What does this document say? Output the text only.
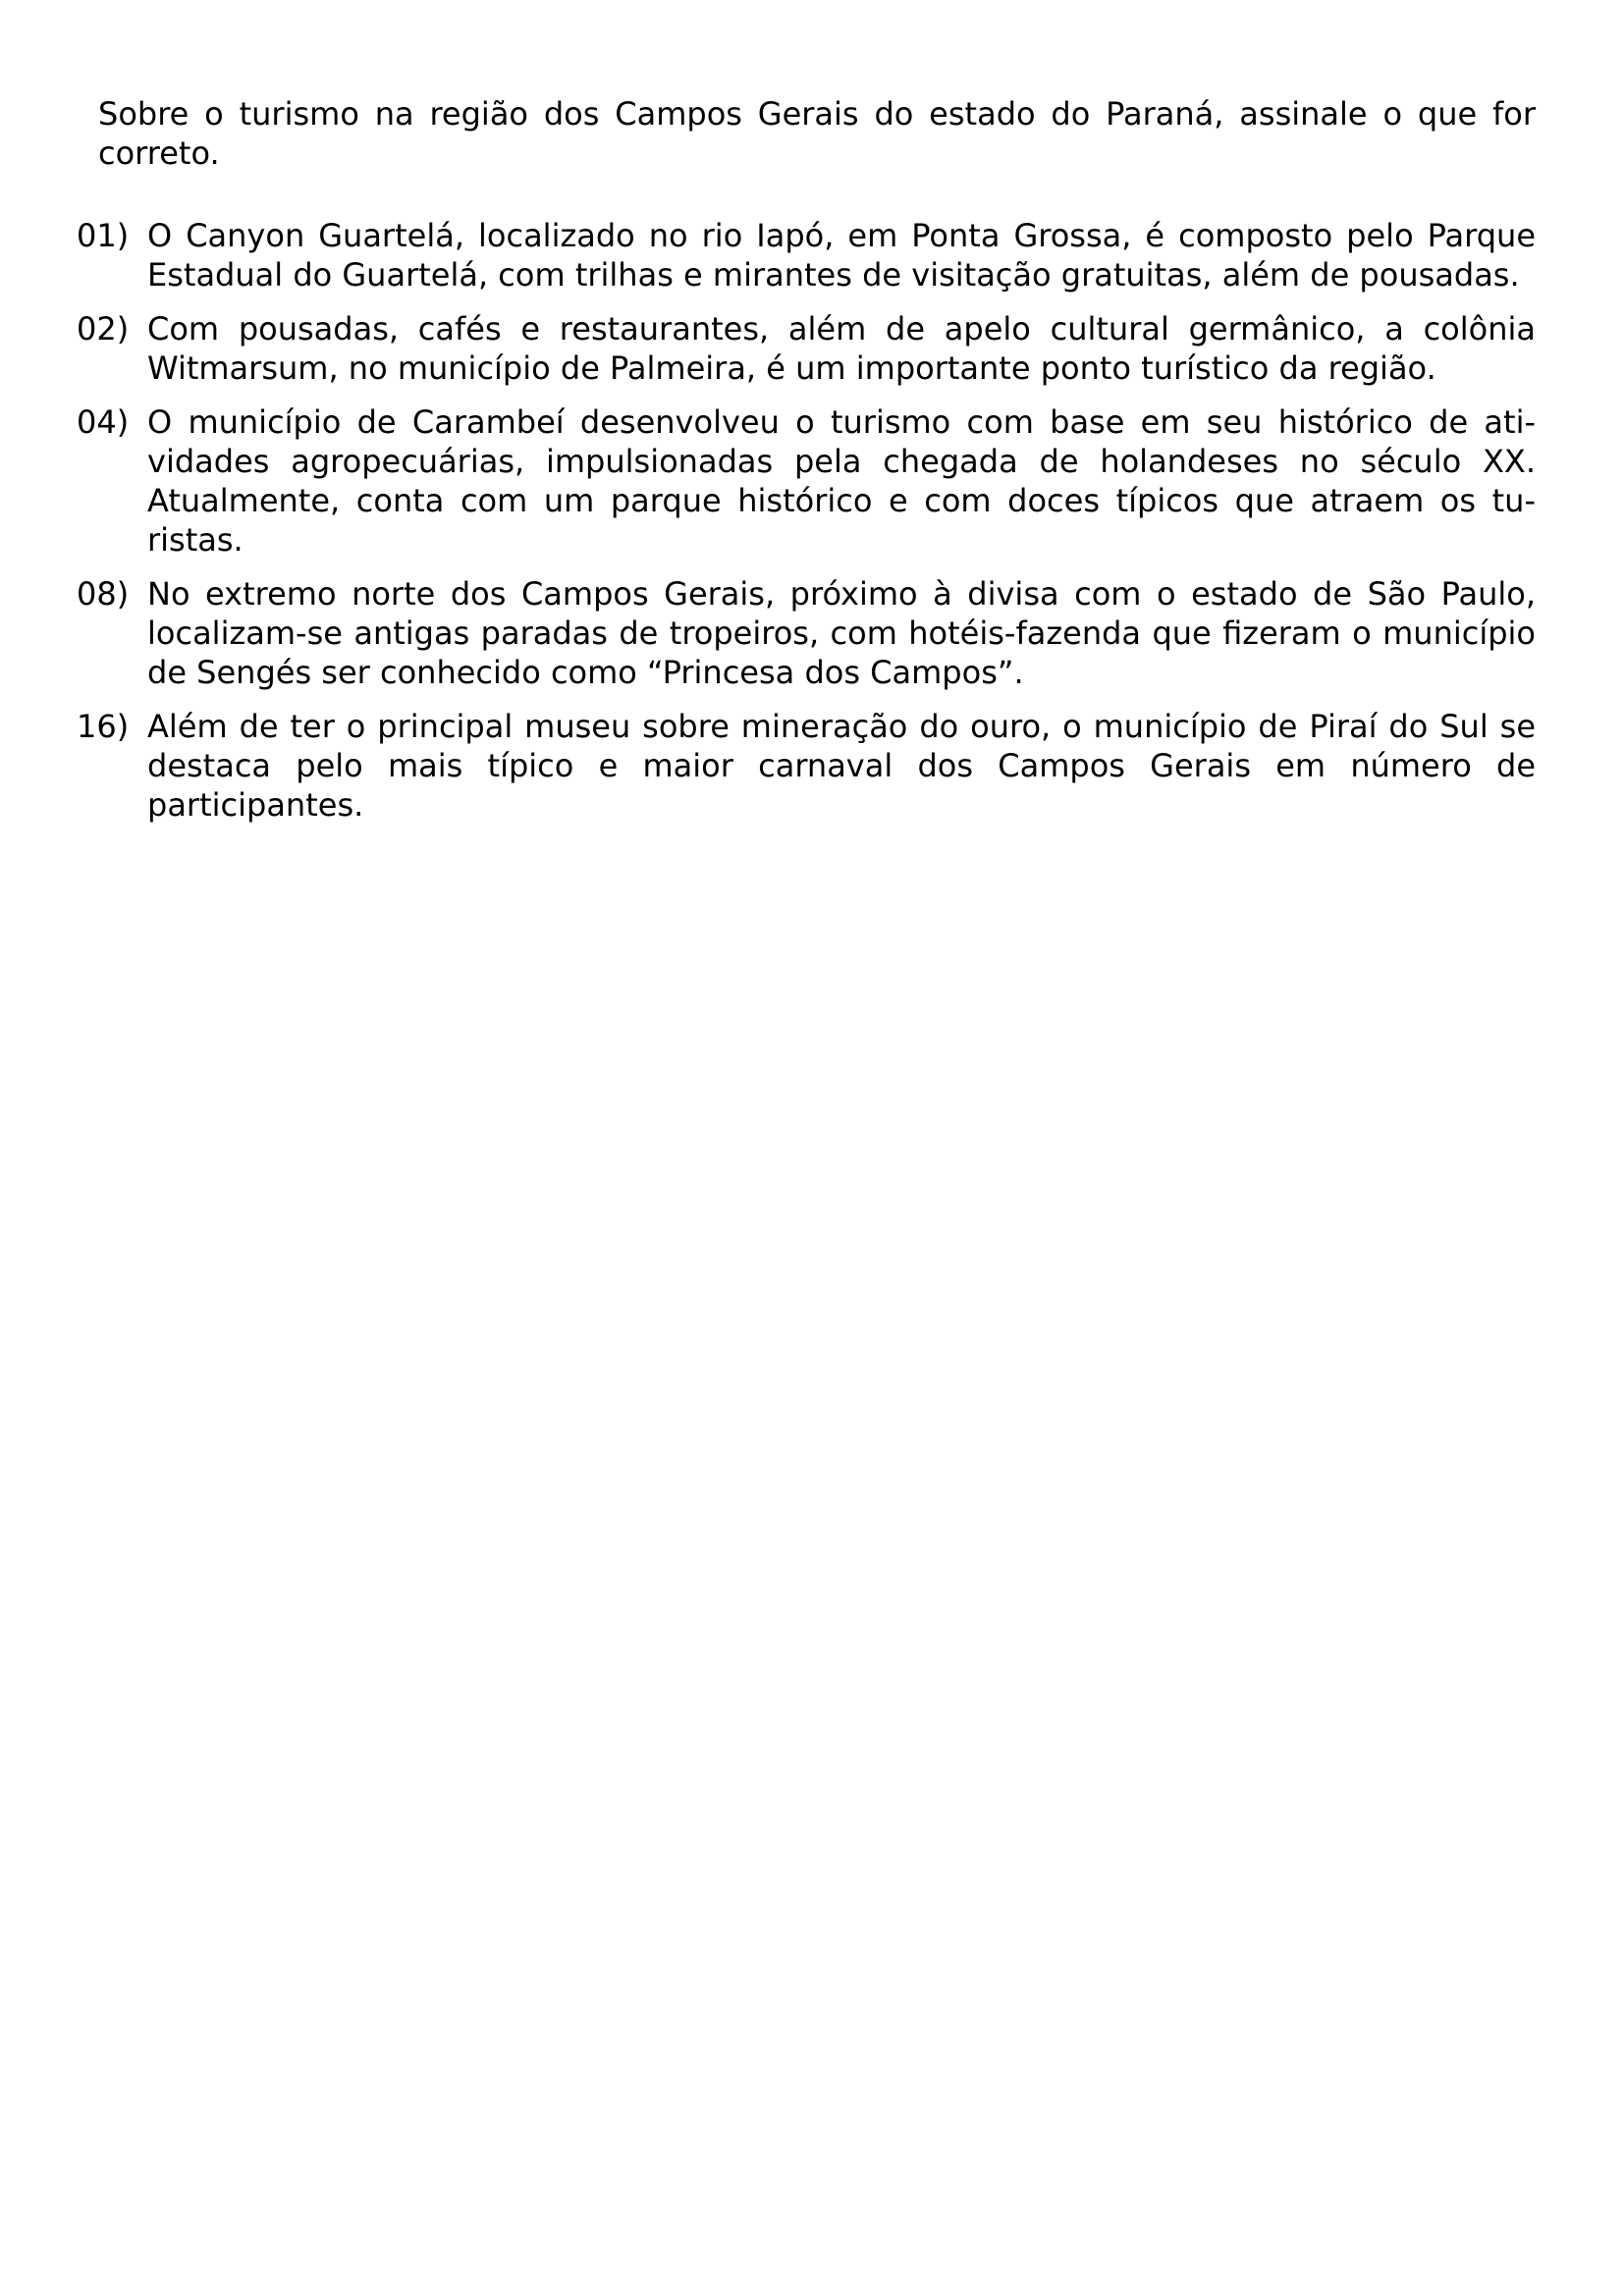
Sobre o turismo na região dos Campos Gerais do estado do Paraná, assinale o que for correto.

01) O Canyon Guartelá, localizado no rio Iapó, em Ponta Grossa, é composto pelo Parque Estadual do Guartelá, com trilhas e mirantes de visitação gratuitas, além de pousadas.
02) Com pousadas, cafés e restaurantes, além de apelo cultural germânico, a colônia Witmarsum, no município de Palmeira, é um importante ponto turístico da região.
04) O município de Carambeí desenvolveu o turismo com base em seu histórico de atividades agropecuárias, impulsionadas pela chegada de holandeses no século XX. Atualmente, conta com um parque histórico e com doces típicos que atraem os turistas.
08) No extremo norte dos Campos Gerais, próximo à divisa com o estado de São Paulo, localizam-se antigas paradas de tropeiros, com hotéis-fazenda que fizeram o município de Sengés ser conhecido como “Princesa dos Campos”.
16) Além de ter o principal museu sobre mineração do ouro, o município de Piraí do Sul se destaca pelo mais típico e maior carnaval dos Campos Gerais em número de participantes.
